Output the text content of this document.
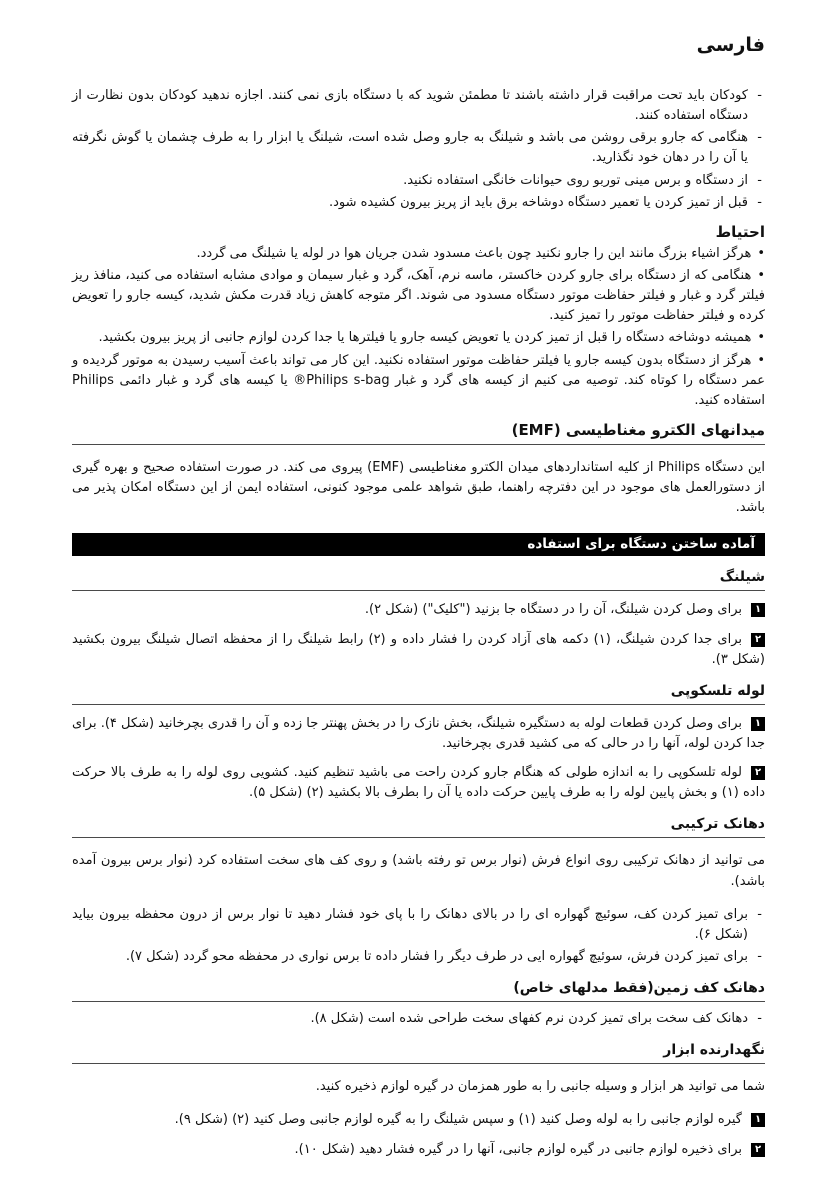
فارسی
-
کودکان باید تحت مراقبت قرار داشته باشند تا مطمئن شوید که با دستگاه بازی نمی کنند. اجازه ندهید کودکان بدون نظارت از دستگاه استفاده کنند.
-
هنگامی که جارو برقی روشن می باشد و شیلنگ به جارو وصل شده است، شیلنگ یا ابزار را به طرف چشمان یا گوش نگرفته یا آن را در دهان خود نگذارید.
-
از دستگاه و برس مینی توربو روی حیوانات خانگی استفاده نکنید.
-
قبل از تمیز کردن یا تعمیر دستگاه دوشاخه برق باید از پریز بیرون کشیده شود.
احتیاط
•هرگز اشیاء بزرگ مانند این را جارو نکنید چون باعث مسدود شدن جریان هوا در لوله یا شیلنگ می گردد.
•هنگامی که از دستگاه برای جارو کردن خاکستر، ماسه نرم، آهک، گرد و غبار سیمان و موادی مشابه استفاده می کنید، منافذ ریز فیلتر گرد و غبار و فیلتر حفاظت موتور دستگاه مسدود می شوند. اگر متوجه کاهش زیاد قدرت مکش شدید، کیسه جارو را تعویض کرده و فیلتر حفاظت موتور را تمیز کنید.
•همیشه دوشاخه دستگاه را قبل از تمیز کردن یا تعویض کیسه جارو یا فیلترها یا جدا کردن لوازم جانبی از پریز بیرون بکشید.
•هرگز از دستگاه بدون کیسه جارو یا فیلتر حفاظت موتور استفاده نکنید. این کار می تواند باعث آسیب رسیدن به موتور گردیده و عمر دستگاه را کوتاه کند. توصیه می کنیم از کیسه های گرد و غبار Philips s-bag® یا کیسه های گرد و غبار دائمی Philips استفاده کنید.
میدانهای الکترو مغناطیسی (EMF)

این دستگاه Philips از کلیه استانداردهای میدان الکترو مغناطیسی (EMF) پیروی می کند. در صورت استفاده صحیح و بهره گیری از دستورالعمل های موجود در این دفترچه راهنما، طبق شواهد علمی موجود کنونی، استفاده ایمن از این دستگاه امکان پذیر می باشد.

آماده ساختن دستگاه برای استفاده
شیلنگ
۱برای وصل کردن شیلنگ، آن را در دستگاه جا بزنید ("کلیک") (شکل ۲).
۲برای جدا کردن شیلنگ، (۱) دکمه های آزاد کردن را فشار داده و (۲) رابط شیلنگ را از محفظه اتصال شیلنگ بیرون بکشید (شکل ۳).
لوله تلسکوپی
۱برای وصل کردن قطعات لوله به دستگیره شیلنگ، بخش نازک را در بخش پهنتر جا زده و آن را قدری بچرخانید (شکل ۴). برای جدا کردن لوله، آنها را در حالی که می کشید قدری بچرخانید.
۲لوله تلسکوپی را به اندازه طولی که هنگام جارو کردن راحت می باشید تنظیم کنید. کشویی روی لوله را به طرف بالا حرکت داده (۱) و بخش پایین لوله را به طرف پایین حرکت داده یا آن را بطرف بالا بکشید (۲) (شکل ۵).
دهانک ترکیبی

می توانید از دهانک ترکیبی روی انواع فرش (نوار برس تو رفته باشد) و روی کف های سخت استفاده کرد (نوار برس بیرون آمده باشد).

-
برای تمیز کردن کف، سوئیچ گهواره ای را در بالای دهانک را با پای خود فشار دهید تا نوار برس از درون محفظه بیرون بیاید (شکل ۶).
-
برای تمیز کردن فرش، سوئیچ گهواره ایی در طرف دیگر را فشار داده تا برس نواری در محفظه محو گردد (شکل ۷).
دهانک کف زمین(فقط مدلهای خاص)
-
دهانک کف سخت برای تمیز کردن نرم کفهای سخت طراحی شده است (شکل ۸).
نگهدارنده ابزار

شما می توانید هر ابزار و وسیله جانبی را به طور همزمان در گیره لوازم ذخیره کنید.

۱گیره لوازم جانبی را به لوله وصل کنید (۱) و سپس شیلنگ را به گیره لوازم جانبی وصل کنید (۲) (شکل ۹).
۲برای ذخیره لوازم جانبی در گیره لوازم جانبی، آنها را در گیره فشار دهید (شکل ۱۰).
